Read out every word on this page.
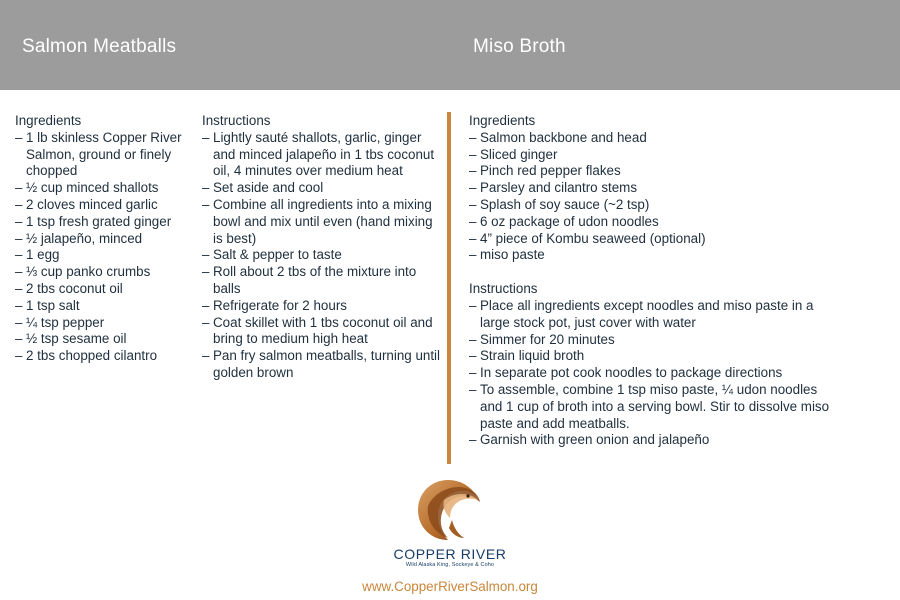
Salmon Meatballs	Miso Broth
Ingredients
– 1 lb skinless Copper River Salmon, ground or finely chopped
– ½ cup minced shallots
– 2 cloves minced garlic
– 1 tsp fresh grated ginger
– ½ jalapeño, minced
– 1 egg
– ⅓ cup panko crumbs
– 2 tbs coconut oil
– 1 tsp salt
– ¼ tsp pepper
– ½ tsp sesame oil
– 2 tbs chopped cilantro
Instructions
– Lightly sauté shallots, garlic, ginger and minced jalapeño in 1 tbs coconut oil, 4 minutes over medium heat
– Set aside and cool
– Combine all ingredients into a mixing bowl and mix until even (hand mixing is best)
– Salt & pepper to taste
– Roll about 2 tbs of the mixture into balls
– Refrigerate for 2 hours
– Coat skillet with 1 tbs coconut oil and bring to medium high heat
– Pan fry salmon meatballs, turning until golden brown
Ingredients
– Salmon backbone and head
– Sliced ginger
– Pinch red pepper flakes
– Parsley and cilantro stems
– Splash of soy sauce (~2 tsp)
– 6 oz package of udon noodles
– 4” piece of Kombu seaweed (optional)
– miso paste
Instructions
– Place all ingredients except noodles and miso paste in a large stock pot, just cover with water
– Simmer for 20 minutes
– Strain liquid broth
– In separate pot cook noodles to package directions
– To assemble, combine 1 tsp miso paste, ¼ udon noodles and 1 cup of broth into a serving bowl. Stir to dissolve miso paste and add meatballs.
– Garnish with green onion and jalapeño
COPPER RIVER
Wild Alaska King, Sockeye & Coho
www.CopperRiverSalmon.org
